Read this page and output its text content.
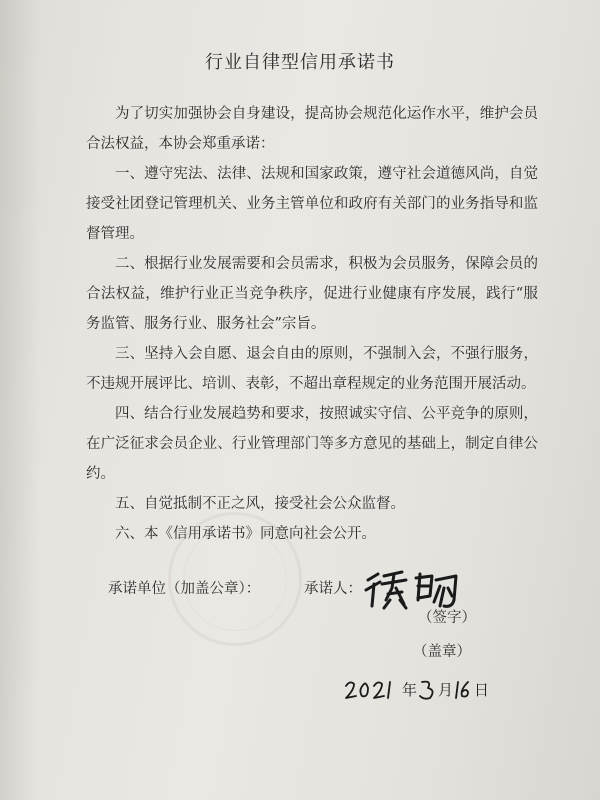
行业自律型信用承诺书

为了切实加强协会自身建设，提高协会规范化运作水平，维护会员合法权益，本协会郑重承诺：

一、遵守宪法、法律、法规和国家政策，遵守社会道德风尚，自觉接受社团登记管理机关、业务主管单位和政府有关部门的业务指导和监督管理。

二、根据行业发展需要和会员需求，积极为会员服务，保障会员的合法权益，维护行业正当竞争秩序，促进行业健康有序发展，践行“服务监管、服务行业、服务社会”宗旨。

三、坚持入会自愿、退会自由的原则，不强制入会，不强行服务，不违规开展评比、培训、表彰，不超出章程规定的业务范围开展活动。

四、结合行业发展趋势和要求，按照诚实守信、公平竞争的原则，在广泛征求会员企业、行业管理部门等多方意见的基础上，制定自律公约。

五、自觉抵制不正之风，接受社会公众监督。

六、本《信用承诺书》同意向社会公开。

承诺单位（加盖公章）：	承诺人：
（签字）
（盖章）
年 月 日
